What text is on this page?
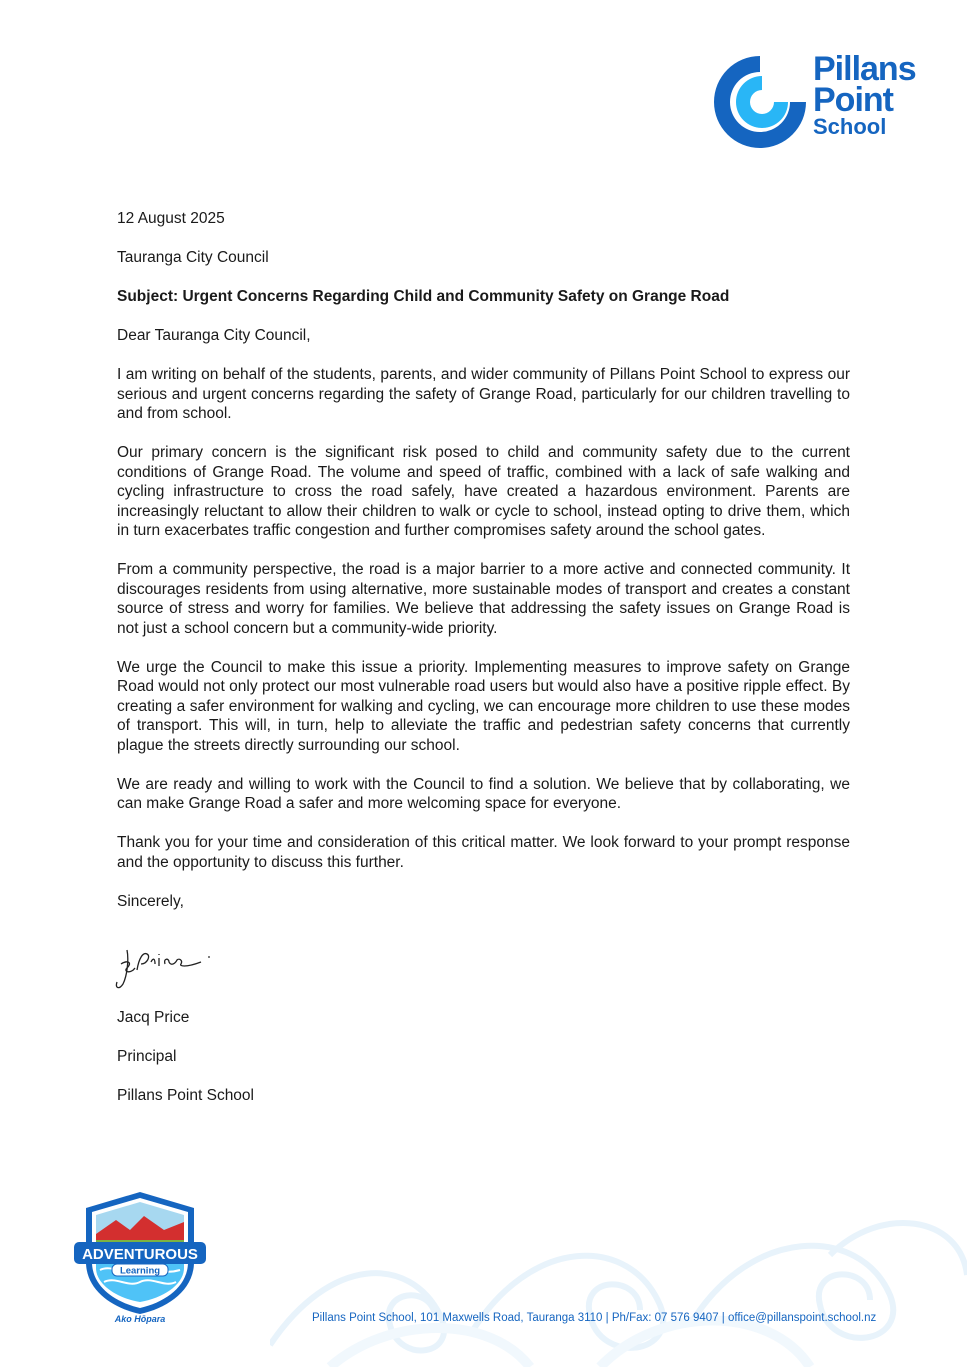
Pillans
Point
School

12 August 2025

Tauranga City Council

Subject: Urgent Concerns Regarding Child and Community Safety on Grange Road

Dear Tauranga City Council,

I am writing on behalf of the students, parents, and wider community of Pillans Point School to express our serious and urgent concerns regarding the safety of Grange Road, particularly for our children travelling to and from school.

Our primary concern is the significant risk posed to child and community safety due to the current conditions of Grange Road. The volume and speed of traffic, combined with a lack of safe walking and cycling infrastructure to cross the road safely, have created a hazardous environment. Parents are increasingly reluctant to allow their children to walk or cycle to school, instead opting to drive them, which in turn exacerbates traffic congestion and further compromises safety around the school gates.

From a community perspective, the road is a major barrier to a more active and connected community. It discourages residents from using alternative, more sustainable modes of transport and creates a constant source of stress and worry for families. We believe that addressing the safety issues on Grange Road is not just a school concern but a community-wide priority.

We urge the Council to make this issue a priority. Implementing measures to improve safety on Grange Road would not only protect our most vulnerable road users but would also have a positive ripple effect. By creating a safer environment for walking and cycling, we can encourage more children to use these modes of transport. This will, in turn, help to alleviate the traffic and pedestrian safety concerns that currently plague the streets directly surrounding our school.

We are ready and willing to work with the Council to find a solution. We believe that by collaborating, we can make Grange Road a safer and more welcoming space for everyone.

Thank you for your time and consideration of this critical matter. We look forward to your prompt response and the opportunity to discuss this further.

Sincerely,

Jacq Price

Principal

Pillans Point School

ADVENTUROUS
Learning
Ako Hōpara	Pillans Point School, 101 Maxwells Road, Tauranga 3110 | Ph/Fax: 07 576 9407 | office@pillanspoint.school.nz
